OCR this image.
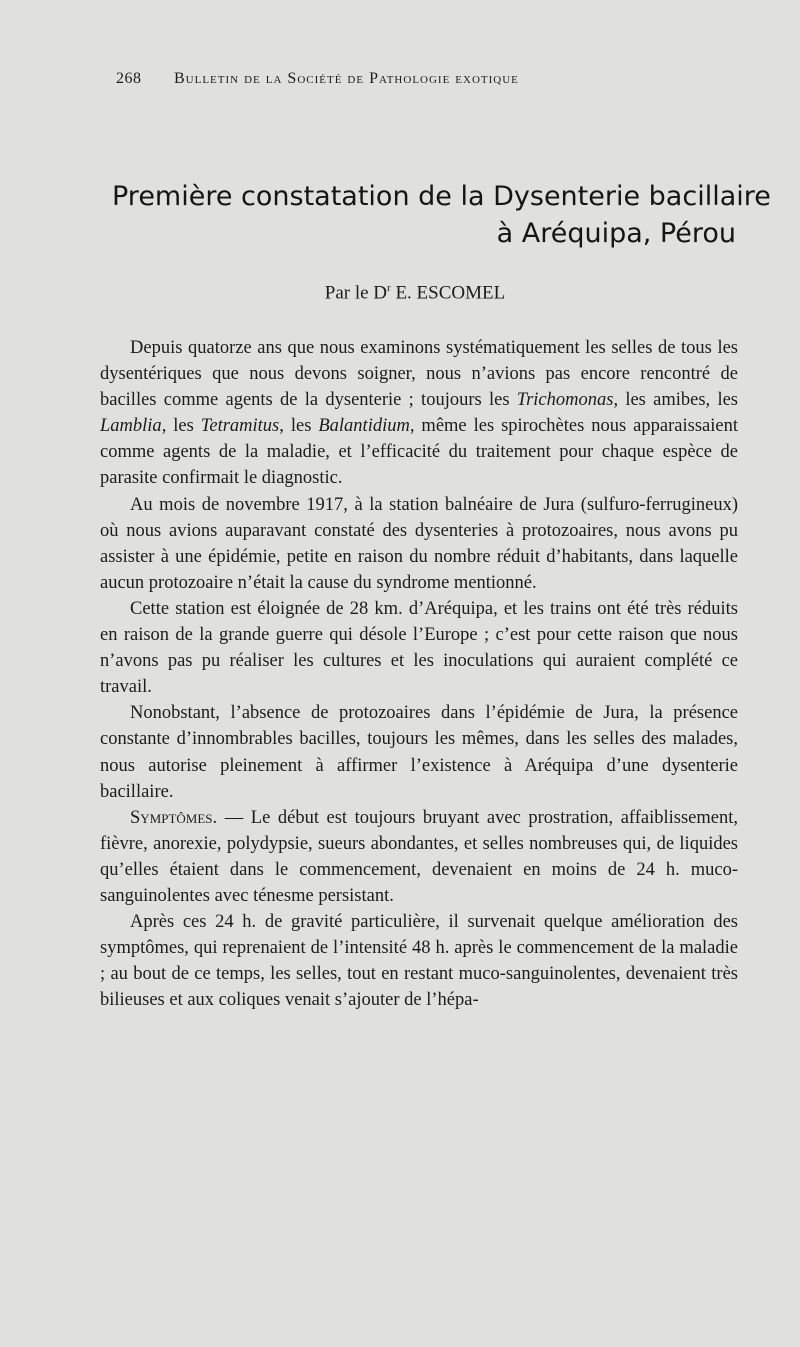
268 Bulletin de la Société de Pathologie exotique
Première constatation de la Dysenterie bacillaire
à Aréquipa, Pérou
Par le $D^r$ E. ESCOMEL

Depuis quatorze ans que nous examinons systématiquement les selles de tous les dysentériques que nous devons soigner, nous n’avions pas encore rencontré de bacilles comme agents de la dysenterie ; toujours les Trichomonas, les amibes, les Lamblia, les Tetramitus, les Balantidium, même les spirochètes nous apparaissaient comme agents de la maladie, et l’efficacité du traitement pour chaque espèce de parasite confirmait le diagnostic.

Au mois de novembre 1917, à la station balnéaire de Jura (sulfuro-ferrugineux) où nous avions auparavant constaté des dysenteries à protozoaires, nous avons pu assister à une épidémie, petite en raison du nombre réduit d’habitants, dans laquelle aucun protozoaire n’était la cause du syndrome mentionné.

Cette station est éloignée de 28 km. d’Aréquipa, et les trains ont été très réduits en raison de la grande guerre qui désole l’Europe ; c’est pour cette raison que nous n’avons pas pu réaliser les cultures et les inoculations qui auraient complété ce travail.

Nonobstant, l’absence de protozoaires dans l’épidémie de Jura, la présence constante d’innombrables bacilles, toujours les mêmes, dans les selles des malades, nous autorise pleinement à affirmer l’existence à Aréquipa d’une dysenterie bacillaire.

Symptômes. — Le début est toujours bruyant avec prostration, affaiblissement, fièvre, anorexie, polydypsie, sueurs abondantes, et selles nombreuses qui, de liquides qu’elles étaient dans le commencement, devenaient en moins de 24 h. muco-sanguinolentes avec ténesme persistant.

Après ces 24 h. de gravité particulière, il survenait quelque amélioration des symptômes, qui reprenaient de l’intensité 48 h. après le commencement de la maladie ; au bout de ce temps, les selles, tout en restant muco-sanguinolentes, devenaient très bilieuses et aux coliques venait s’ajouter de l’hépa-
